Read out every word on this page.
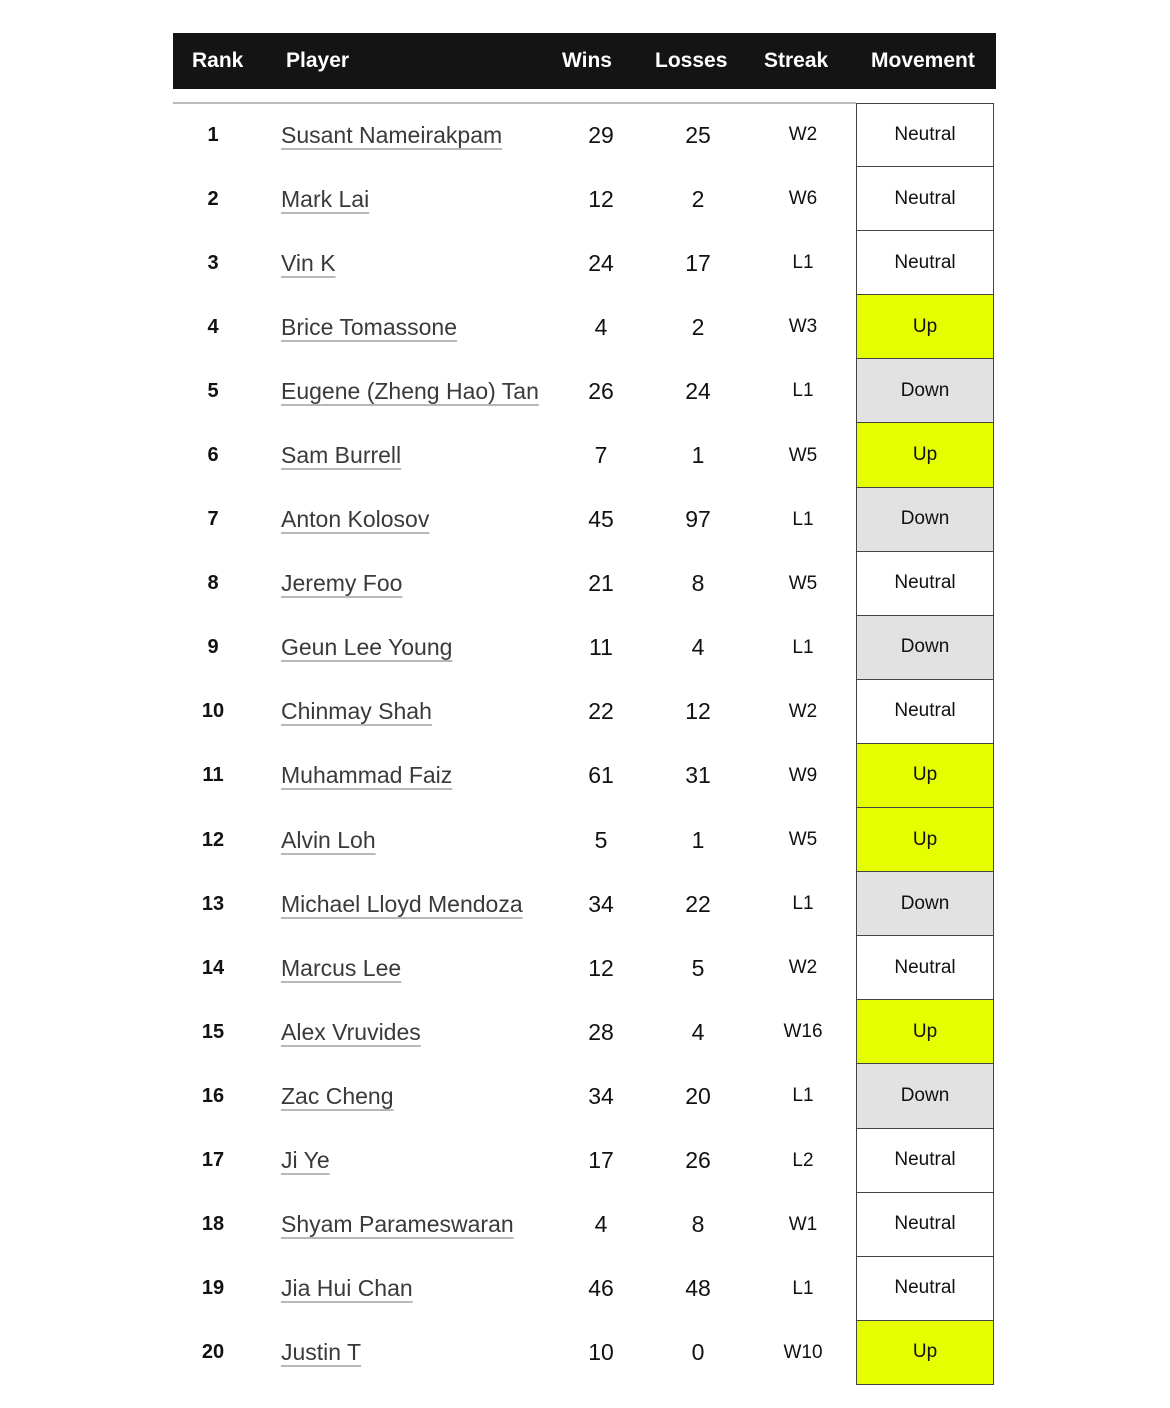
Rank Player	Wins Losses Streak Movement
1	Susant Nameirakpam	29	25	W2	Neutral
2	Mark Lai	12	2	W6	Neutral
3	Vin K	24	17	L1	Neutral
4	Brice Tomassone	4	2	W3	Up
5	Eugene (Zheng Hao) Tan	26	24	L1	Down
6	Sam Burrell	7	1	W5	Up
7	Anton Kolosov	45	97	L1	Down
8	Jeremy Foo	21	8	W5	Neutral
9	Geun Lee Young	11	4	L1	Down
10	Chinmay Shah	22	12	W2	Neutral
11	Muhammad Faiz	61	31	W9	Up
12	Alvin Loh	5	1	W5	Up
13	Michael Lloyd Mendoza	34	22	L1	Down
14	Marcus Lee	12	5	W2	Neutral
15	Alex Vruvides	28	4	W16	Up
16	Zac Cheng	34	20	L1	Down
17	Ji Ye	17	26	L2	Neutral
18	Shyam Parameswaran	4	8	W1	Neutral
19	Jia Hui Chan	46	48	L1	Neutral
20	Justin T	10	0	W10	Up
